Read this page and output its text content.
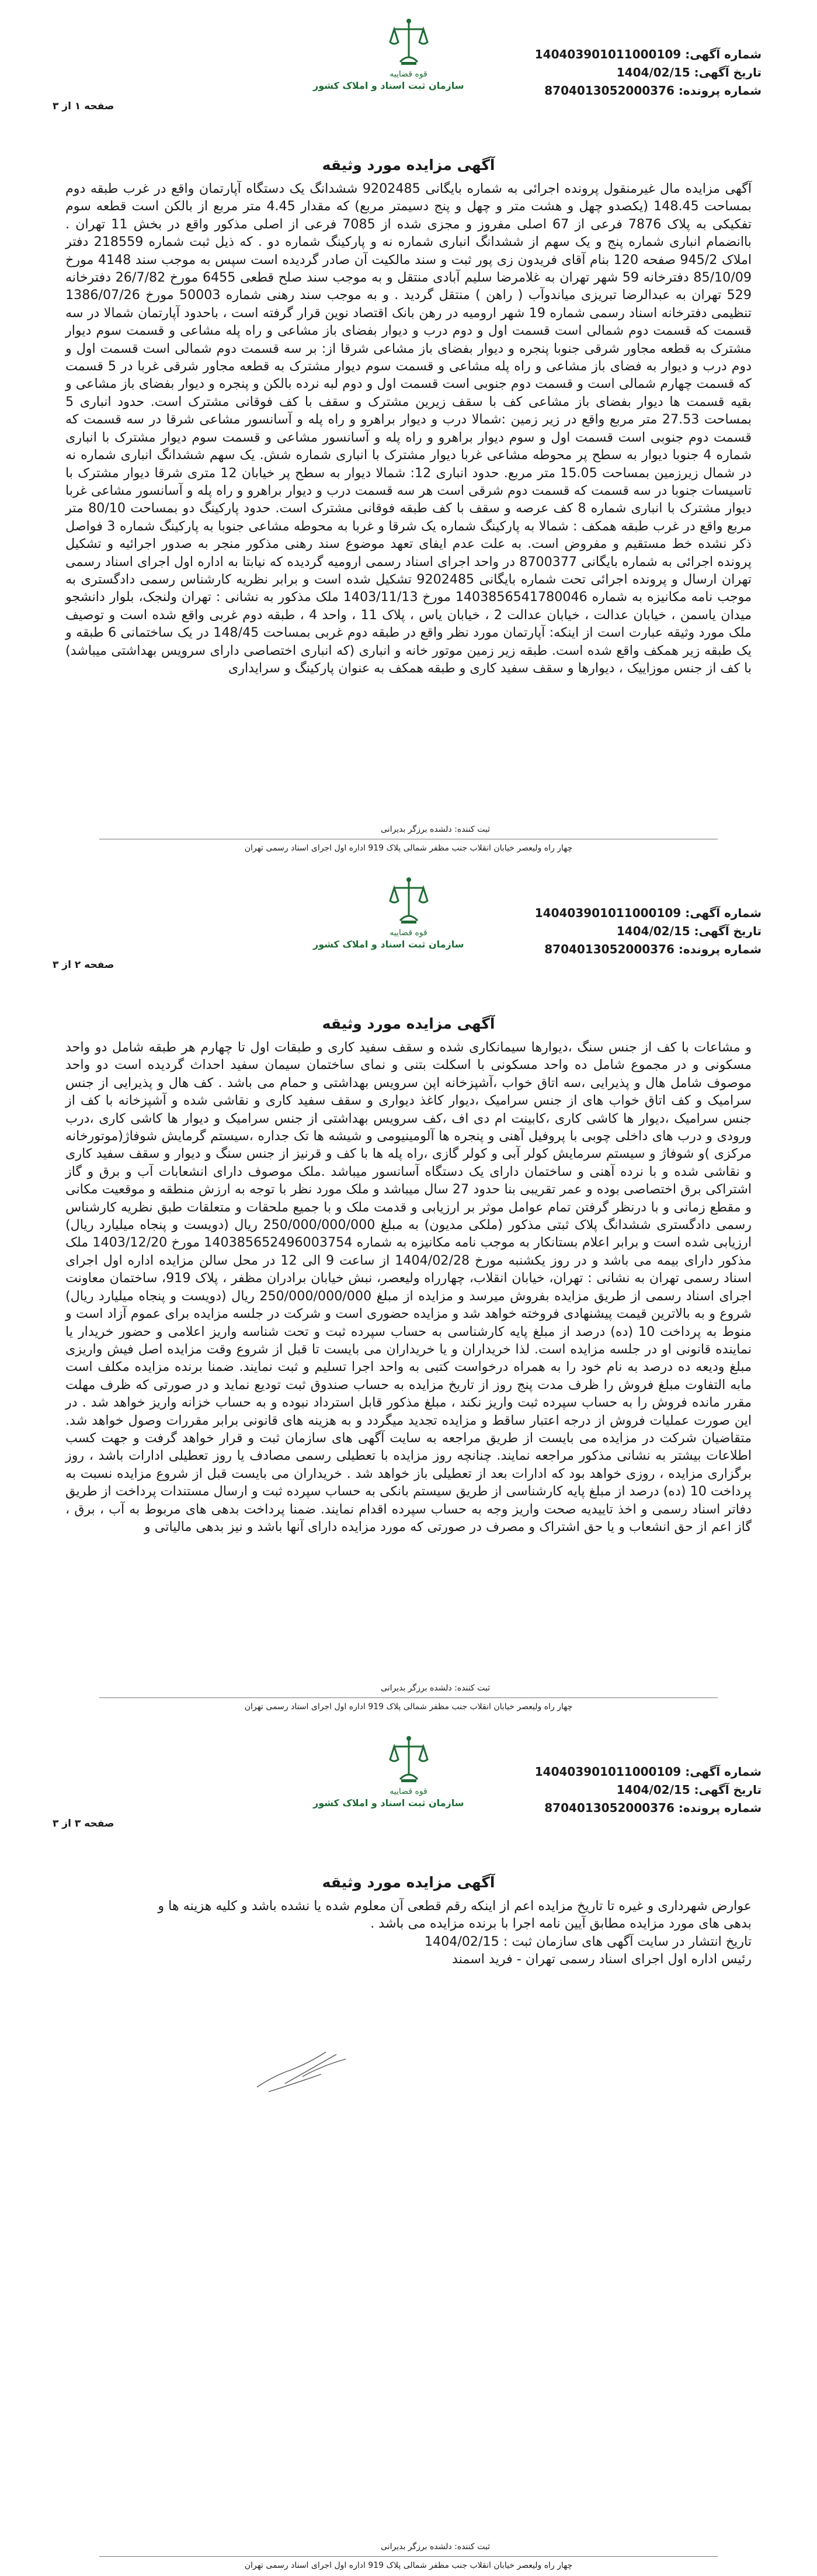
شماره آگهی: 140403901011000109
تاریخ آگهی: 1404/02/15
شماره پرونده: 8704013052000376
قوه قضاییه
سازمان ثبت اسناد و املاک کشور
صفحه ۱ از ۳
آگهی مزایده مورد وثیقه

آگهی مزایده مال غیرمنقول پرونده اجرائی به شماره بایگانی 9202485 ششدانگ یک دستگاه آپارتمان واقع در غرب طبقه دوم بمساحت 148.45 (یکصدو چهل و هشت متر و چهل و پنج دسیمتر مربع) که مقدار 4.45 متر مربع از بالکن است قطعه سوم تفکیکی به پلاک 7876 فرعی از 67 اصلی مفروز و مجزی شده از 7085 فرعی از اصلی مذکور واقع در بخش 11 تهران . باانضمام انباری شماره پنج و یک سهم از ششدانگ انباری شماره نه و پارکینگ شماره دو . که ذیل ثبت شماره 218559 دفتر املاک 945/2 صفحه 120 بنام آقای فریدون زی پور ثبت و سند مالکیت آن صادر گردیده است سپس به موجب سند 4148 مورخ 85/10/09 دفترخانه 59 شهر تهران به غلامرضا سلیم آبادی منتقل و به موجب سند صلح قطعی 6455 مورخ 26/7/82 دفترخانه 529 تهران به عبدالرضا تبریزی میاندوآب ( راهن ) منتقل گردید . و به موجب سند رهنی شماره 50003 مورخ 1386/07/26 تنظیمی دفترخانه اسناد رسمی شماره 19 شهر ارومیه در رهن بانک اقتصاد نوین قرار گرفته است ، باحدود آپارتمان شمالا در سه قسمت که قسمت دوم شمالی است قسمت اول و دوم درب و دیوار بفضای باز مشاعی و راه پله مشاعی و قسمت سوم دیوار مشترک به قطعه مجاور شرقی جنوبا پنجره و دیوار بفضای باز مشاعی شرقا از: بر سه قسمت دوم شمالی است قسمت اول و دوم درب و دیوار به فضای باز مشاعی و راه پله مشاعی و قسمت سوم دیوار مشترک به قطعه مجاور شرقی غربا در 5 قسمت که قسمت چهارم شمالی است و قسمت دوم جنوبی است قسمت اول و دوم لبه نرده بالکن و پنجره و دیوار بفضای باز مشاعی و بقیه قسمت ها دیوار بفضای باز مشاعی کف با سقف زیرین مشترک و سقف با کف فوقانی مشترک است. حدود انباری 5 بمساحت 27.53 متر مربع واقع در زیر زمین :شمالا درب و دیوار براهرو و راه پله و آسانسور مشاعی شرقا در سه قسمت که قسمت دوم جنوبی است قسمت اول و سوم دیوار براهرو و راه پله و آسانسور مشاعی و قسمت سوم دیوار مشترک با انباری شماره 4 جنوبا دیوار به سطح پر محوطه مشاعی غربا دیوار مشترک با انباری شماره شش. یک سهم ششدانگ انباری شماره نه در شمال زیرزمین بمساحت 15.05 متر مربع. حدود انباری 12: شمالا دیوار به سطح پر خیابان 12 متری شرقا دیوار مشترک با تاسیسات جنوبا در سه قسمت که قسمت دوم شرقی است هر سه قسمت درب و دیوار براهرو و راه پله و آسانسور مشاعی غربا دیوار مشترک با انباری شماره 8 کف عرصه و سقف با کف طبقه فوقانی مشترک است. حدود پارکینگ دو بمساحت 80/10 متر مربع واقع در غرب طبقه همکف : شمالا به پارکینگ شماره یک شرقا و غربا به محوطه مشاعی جنوبا به پارکینگ شماره 3 فواصل ذکر نشده خط مستقیم و مفروض است. به علت عدم ایفای تعهد موضوع سند رهنی مذکور منجر به صدور اجرائیه و تشکیل پرونده اجرائی به شماره بایگانی 8700377 در واحد اجرای اسناد رسمی ارومیه گردیده که نیابتا به اداره اول اجرای اسناد رسمی تهران ارسال و پرونده اجرائی تحت شماره بایگانی 9202485 تشکیل شده است و برابر نظریه کارشناس رسمی دادگستری به موجب نامه مکانیزه به شماره 1403856541780046 مورخ 1403/11/13 ملک مذکور به نشانی : تهران ولنجک، بلوار دانشجو میدان یاسمن ، خیابان عدالت ، خیابان عدالت 2 ، خیابان یاس ، پلاک 11 ، واحد 4 ، طبقه دوم غربی واقع شده است و توصیف ملک مورد وثیقه عبارت است از اینکه: آپارتمان مورد نظر واقع در طبقه دوم غربی بمساحت 148/45 در یک ساختمانی 6 طبقه و یک طبقه زیر همکف واقع شده است. طبقه زیر زمین موتور خانه و انباری (که انباری اختصاصی دارای سرویس بهداشتی میباشد) با کف از جنس موزاییک ، دیوارها و سقف سفید کاری و طبقه همکف به عنوان پارکینگ و سرایداری

ثبت کننده: دلشده برزگر بدیرانی
چهار راه ولیعصر خیابان انقلاب جنب مظفر شمالی پلاک 919 اداره اول اجرای اسناد رسمی تهران
شماره آگهی: 140403901011000109
تاریخ آگهی: 1404/02/15
شماره پرونده: 8704013052000376
قوه قضاییه
سازمان ثبت اسناد و املاک کشور
صفحه ۲ از ۳
آگهی مزایده مورد وثیقه

و مشاعات با کف از جنس سنگ ،دیوارها سیمانکاری شده و سقف سفید کاری و طبقات اول تا چهارم هر طبقه شامل دو واحد مسکونی و در مجموع شامل ده واحد مسکونی با اسکلت بتنی و نمای ساختمان سیمان سفید احداث گردیده است دو واحد موصوف شامل هال و پذیرایی ،سه اتاق خواب ،آشپزخانه اپن سرویس بهداشتی و حمام می باشد . کف هال و پذیرایی از جنس سرامیک و کف اتاق خواب های از جنس سرامیک ،دیوار کاغذ دیواری و سقف سفید کاری و نقاشی شده و آشپزخانه با کف از جنس سرامیک ،دیوار ها کاشی کاری ،کابینت ام دی اف ،کف سرویس بهداشتی از جنس سرامیک و دیوار ها کاشی کاری ،درب ورودی و درب های داخلی چوبی با پروفیل آهنی و پنجره ها آلومینیومی و شیشه ها تک جداره ،سیستم گرمایش شوفاژ(موتورخانه مرکزی )و شوفاژ و سیستم سرمایش کولر آبی و کولر گازی ،راه پله ها با کف و قرنیز از جنس سنگ و دیوار و سقف سفید کاری و نقاشی شده و با نرده آهنی و ساختمان دارای یک دستگاه آسانسور میباشد .ملک موصوف دارای انشعابات آب و برق و گاز اشتراکی برق اختصاصی بوده و عمر تقریبی بنا حدود 27 سال میباشد و ملک مورد نظر با توجه به ارزش منطقه و موقعیت مکانی و مقطع زمانی و با درنظر گرفتن تمام عوامل موثر بر ارزیابی و قدمت ملک و با جمیع ملحقات و متعلقات طبق نظریه کارشناس رسمی دادگستری ششدانگ پلاک ثبتی مذکور (ملکی مدیون) به مبلغ 250/000/000/000 ریال (دویست و پنجاه میلیارد ریال) ارزیابی شده است و برابر اعلام بستانکار به موجب نامه مکانیزه به شماره 140385652496003754 مورخ 1403/12/20 ملک مذکور دارای بیمه می باشد و در روز یکشنبه مورخ 1404/02/28 از ساعت 9 الی 12 در محل سالن مزایده اداره اول اجرای اسناد رسمی تهران به نشانی : تهران، خیابان انقلاب، چهارراه ولیعصر، نبش خیابان برادران مظفر ، پلاک 919، ساختمان معاونت اجرای اسناد رسمی از طریق مزایده بفروش میرسد و مزایده از مبلغ 250/000/000/000 ریال (دویست و پنجاه میلیارد ریال) شروع و به بالاترین قیمت پیشنهادی فروخته خواهد شد و مزایده حضوری است و شرکت در جلسه مزایده برای عموم آزاد است و منوط به پرداخت 10 (ده) درصد از مبلغ پایه کارشناسی به حساب سپرده ثبت و تحت شناسه واریز اعلامی و حضور خریدار یا نماینده قانونی او در جلسه مزایده است. لذا خریداران و یا خریداران می بایست تا قبل از شروع وقت مزایده اصل فیش واریزی مبلغ ودیعه ده درصد به نام خود را به همراه درخواست کتبی به واحد اجرا تسلیم و ثبت نمایند. ضمنا برنده مزایده مکلف است مابه التفاوت مبلغ فروش را ظرف مدت پنج روز از تاریخ مزایده به حساب صندوق ثبت تودیع نماید و در صورتی که ظرف مهلت مقرر مانده فروش را به حساب سپرده ثبت واریز نکند ، مبلغ مذکور قابل استرداد نبوده و به حساب خزانه واریز خواهد شد . در این صورت عملیات فروش از درجه اعتبار ساقط و مزایده تجدید میگردد و به هزینه های قانونی برابر مقررات وصول خواهد شد. متقاضیان شرکت در مزایده می بایست از طریق مراجعه به سایت آگهی های سازمان ثبت و قرار خواهد گرفت و جهت کسب اطلاعات بیشتر به نشانی مذکور مراجعه نمایند. چنانچه روز مزایده با تعطیلی رسمی مصادف یا روز تعطیلی ادارات باشد ، روز برگزاری مزایده ، روزی خواهد بود که ادارات بعد از تعطیلی باز خواهد شد . خریداران می بایست قبل از شروع مزایده نسبت به پرداخت 10 (ده) درصد از مبلغ پایه کارشناسی از طریق سیستم بانکی به حساب سپرده ثبت و ارسال مستندات پرداخت از طریق دفاتر اسناد رسمی و اخذ تاییدیه صحت واریز وجه به حساب سپرده اقدام نمایند. ضمنا پرداخت بدهی های مربوط به آب ، برق ، گاز اعم از حق انشعاب و یا حق اشتراک و مصرف در صورتی که مورد مزایده دارای آنها باشد و نیز بدهی مالیاتی و

ثبت کننده: دلشده برزگر بدیرانی
چهار راه ولیعصر خیابان انقلاب جنب مظفر شمالی پلاک 919 اداره اول اجرای اسناد رسمی تهران
شماره آگهی: 140403901011000109
تاریخ آگهی: 1404/02/15
شماره پرونده: 8704013052000376
قوه قضاییه
سازمان ثبت اسناد و املاک کشور
صفحه ۳ از ۳
آگهی مزایده مورد وثیقه

عوارض شهرداری و غیره تا تاریخ مزایده اعم از اینکه رقم قطعی آن معلوم شده یا نشده باشد و کلیه هزینه ها و

بدهی های مورد مزایده مطابق آیین نامه اجرا با برنده مزایده می باشد .

تاریخ انتشار در سایت آگهی های سازمان ثبت : 1404/02/15

رئیس اداره اول اجرای اسناد رسمی تهران - فرید اسمند

ثبت کننده: دلشده برزگر بدیرانی
چهار راه ولیعصر خیابان انقلاب جنب مظفر شمالی پلاک 919 اداره اول اجرای اسناد رسمی تهران
